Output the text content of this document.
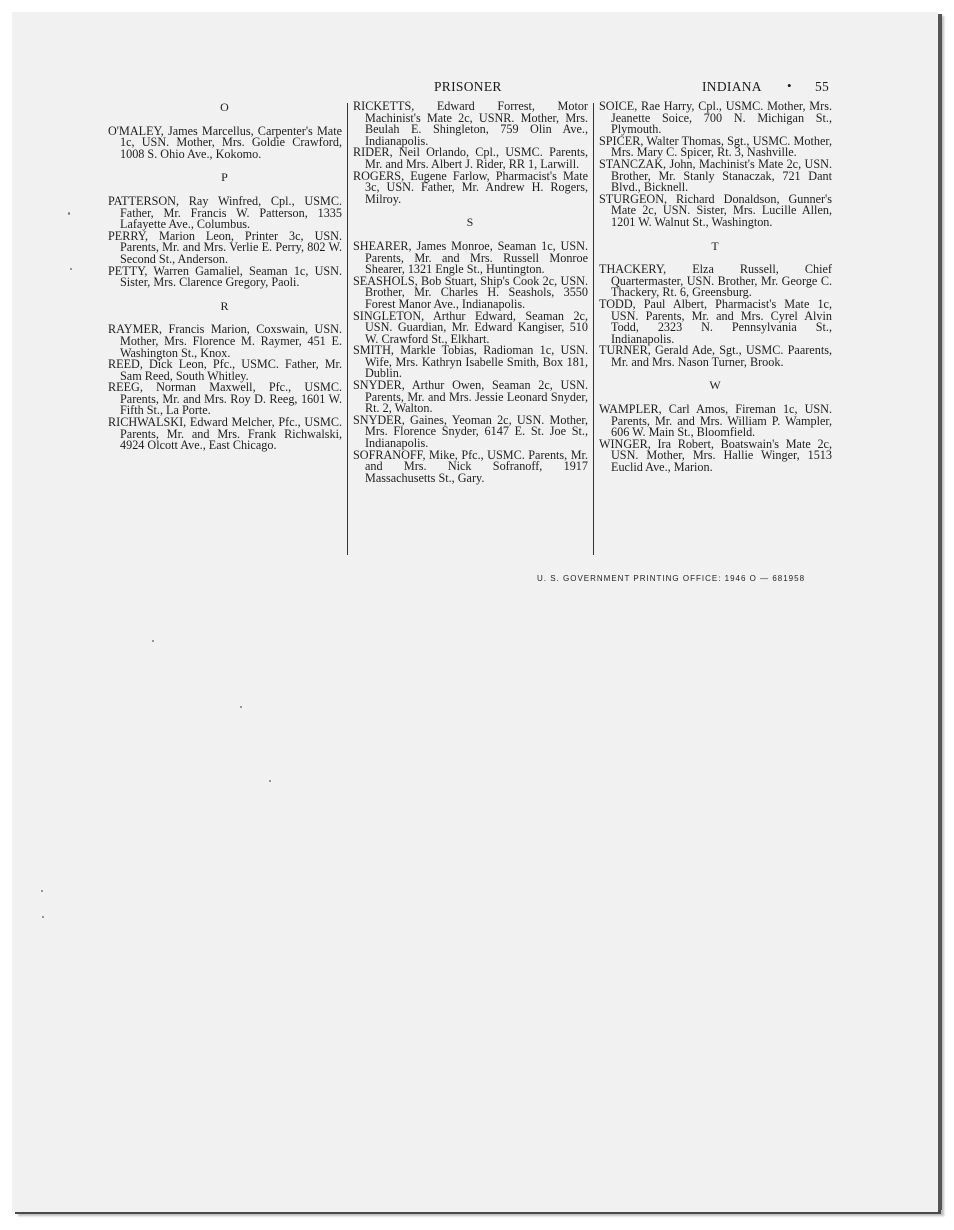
PRISONER	INDIANA • 55
O
O'MALEY, James Marcellus, Carpenter's Mate 1c, USN. Mother, Mrs. Goldie Crawford, 1008 S. Ohio Ave., Kokomo.
P
PATTERSON, Ray Winfred, Cpl., USMC. Father, Mr. Francis W. Patterson, 1335 Lafayette Ave., Columbus.
PERRY, Marion Leon, Printer 3c, USN. Parents, Mr. and Mrs. Verlie E. Perry, 802 W. Second St., Anderson.
PETTY, Warren Gamaliel, Seaman 1c, USN. Sister, Mrs. Clarence Gregory, Paoli.
R
RAYMER, Francis Marion, Coxswain, USN. Mother, Mrs. Florence M. Raymer, 451 E. Washington St., Knox.
REED, Dick Leon, Pfc., USMC. Father, Mr. Sam Reed, South Whitley.
REEG, Norman Maxwell, Pfc., USMC. Parents, Mr. and Mrs. Roy D. Reeg, 1601 W. Fifth St., La Porte.
RICHWALSKI, Edward Melcher, Pfc., USMC. Parents, Mr. and Mrs. Frank Richwalski, 4924 Olcott Ave., East Chicago.
RICKETTS, Edward Forrest, Motor Machinist's Mate 2c, USNR. Mother, Mrs. Beulah E. Shingleton, 759 Olin Ave., Indianapolis.
RIDER, Neil Orlando, Cpl., USMC. Parents, Mr. and Mrs. Albert J. Rider, RR 1, Larwill.
ROGERS, Eugene Farlow, Pharmacist's Mate 3c, USN. Father, Mr. Andrew H. Rogers, Milroy.
S
SHEARER, James Monroe, Seaman 1c, USN. Parents, Mr. and Mrs. Russell Monroe Shearer, 1321 Engle St., Huntington.
SEASHOLS, Bob Stuart, Ship's Cook 2c, USN. Brother, Mr. Charles H. Seashols, 3550 Forest Manor Ave., Indianapolis.
SINGLETON, Arthur Edward, Seaman 2c, USN. Guardian, Mr. Edward Kangiser, 510 W. Crawford St., Elkhart.
SMITH, Markle Tobias, Radioman 1c, USN. Wife, Mrs. Kathryn Isabelle Smith, Box 181, Dublin.
SNYDER, Arthur Owen, Seaman 2c, USN. Parents, Mr. and Mrs. Jessie Leonard Snyder, Rt. 2, Walton.
SNYDER, Gaines, Yeoman 2c, USN. Mother, Mrs. Florence Snyder, 6147 E. St. Joe St., Indianapolis.
SOFRANOFF, Mike, Pfc., USMC. Parents, Mr. and Mrs. Nick Sofranoff, 1917 Massachusetts St., Gary.
SOICE, Rae Harry, Cpl., USMC. Mother, Mrs. Jeanette Soice, 700 N. Michigan St., Plymouth.
SPICER, Walter Thomas, Sgt., USMC. Mother, Mrs. Mary C. Spicer, Rt. 3, Nashville.
STANCZAK, John, Machinist's Mate 2c, USN. Brother, Mr. Stanly Stanaczak, 721 Dant Blvd., Bicknell.
STURGEON, Richard Donaldson, Gunner's Mate 2c, USN. Sister, Mrs. Lucille Allen, 1201 W. Walnut St., Washington.
T
THACKERY, Elza Russell, Chief Quartermaster, USN. Brother, Mr. George C. Thackery, Rt. 6, Greensburg.
TODD, Paul Albert, Pharmacist's Mate 1c, USN. Parents, Mr. and Mrs. Cyrel Alvin Todd, 2323 N. Pennsylvania St., Indianapolis.
TURNER, Gerald Ade, Sgt., USMC. Paarents, Mr. and Mrs. Nason Turner, Brook.
W
WAMPLER, Carl Amos, Fireman 1c, USN. Parents, Mr. and Mrs. William P. Wampler, 606 W. Main St., Bloomfield.
WINGER, Ira Robert, Boatswain's Mate 2c, USN. Mother, Mrs. Hallie Winger, 1513 Euclid Ave., Marion.
U. S. GOVERNMENT PRINTING OFFICE: 1946 O — 681958
